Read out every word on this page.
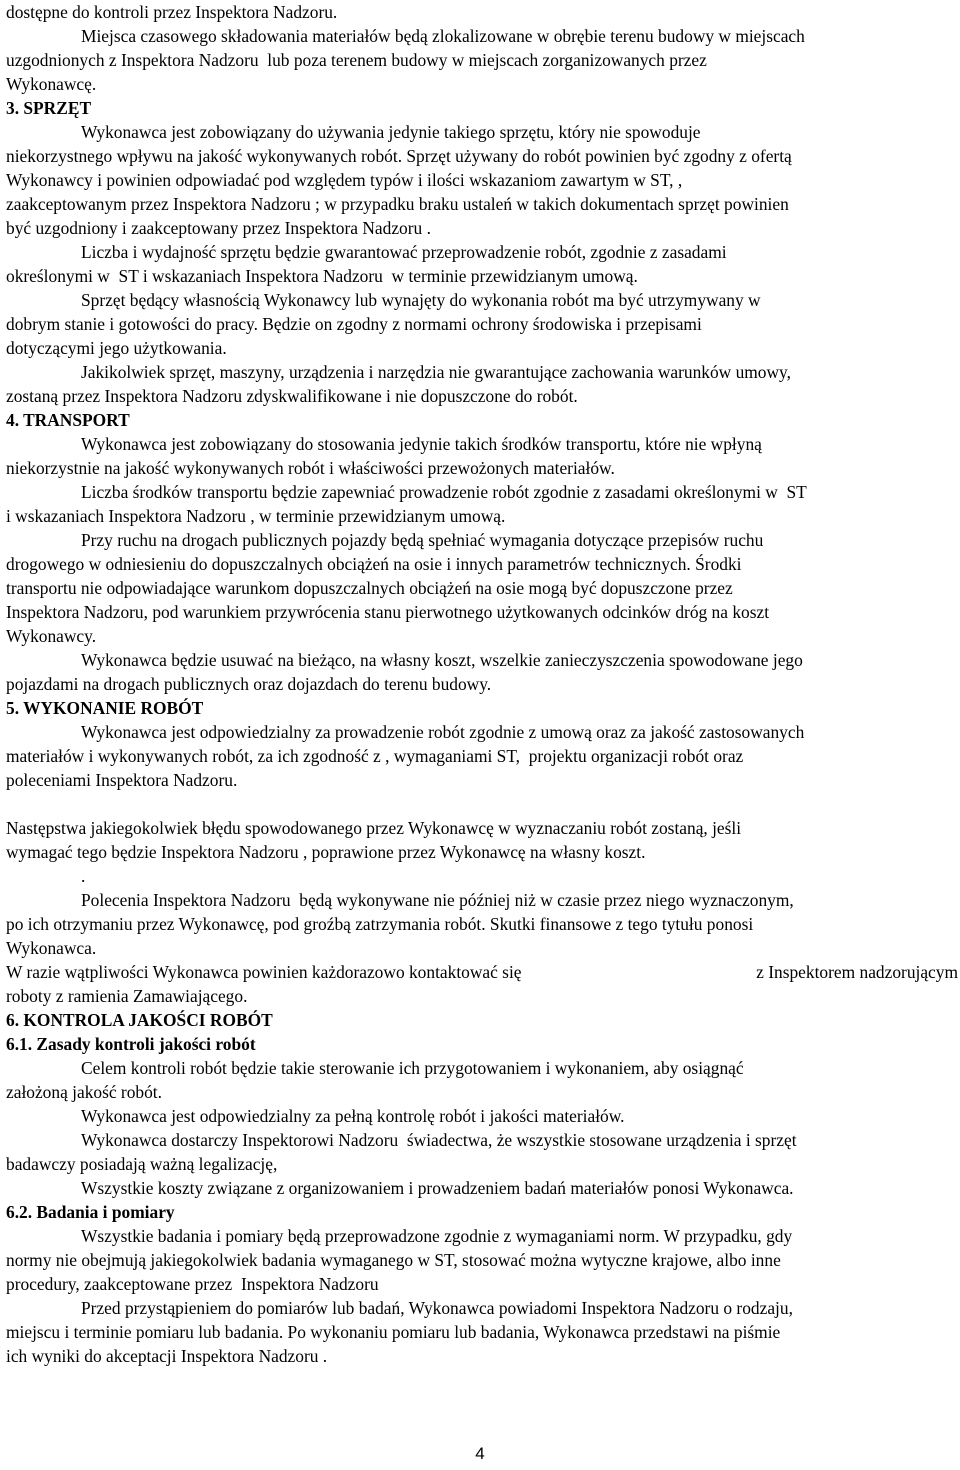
dostępne do kontroli przez Inspektora Nadzoru.
Miejsca czasowego składowania materiałów będą zlokalizowane w obrębie terenu budowy w miejscach
uzgodnionych z Inspektora Nadzoru  lub poza terenem budowy w miejscach zorganizowanych przez
Wykonawcę.
3. SPRZĘT
Wykonawca jest zobowiązany do używania jedynie takiego sprzętu, który nie spowoduje
niekorzystnego wpływu na jakość wykonywanych robót. Sprzęt używany do robót powinien być zgodny z ofertą
Wykonawcy i powinien odpowiadać pod względem typów i ilości wskazaniom zawartym w ST, ,
zaakceptowanym przez Inspektora Nadzoru ; w przypadku braku ustaleń w takich dokumentach sprzęt powinien
być uzgodniony i zaakceptowany przez Inspektora Nadzoru .
Liczba i wydajność sprzętu będzie gwarantować przeprowadzenie robót, zgodnie z zasadami
określonymi w  ST i wskazaniach Inspektora Nadzoru  w terminie przewidzianym umową.
Sprzęt będący własnością Wykonawcy lub wynajęty do wykonania robót ma być utrzymywany w
dobrym stanie i gotowości do pracy. Będzie on zgodny z normami ochrony środowiska i przepisami
dotyczącymi jego użytkowania.
Jakikolwiek sprzęt, maszyny, urządzenia i narzędzia nie gwarantujące zachowania warunków umowy,
zostaną przez Inspektora Nadzoru zdyskwalifikowane i nie dopuszczone do robót.
4. TRANSPORT
Wykonawca jest zobowiązany do stosowania jedynie takich środków transportu, które nie wpłyną
niekorzystnie na jakość wykonywanych robót i właściwości przewożonych materiałów.
Liczba środków transportu będzie zapewniać prowadzenie robót zgodnie z zasadami określonymi w  ST
i wskazaniach Inspektora Nadzoru , w terminie przewidzianym umową.
Przy ruchu na drogach publicznych pojazdy będą spełniać wymagania dotyczące przepisów ruchu
drogowego w odniesieniu do dopuszczalnych obciążeń na osie i innych parametrów technicznych. Środki
transportu nie odpowiadające warunkom dopuszczalnych obciążeń na osie mogą być dopuszczone przez
Inspektora Nadzoru, pod warunkiem przywrócenia stanu pierwotnego użytkowanych odcinków dróg na koszt
Wykonawcy.
Wykonawca będzie usuwać na bieżąco, na własny koszt, wszelkie zanieczyszczenia spowodowane jego
pojazdami na drogach publicznych oraz dojazdach do terenu budowy.
5. WYKONANIE ROBÓT
Wykonawca jest odpowiedzialny za prowadzenie robót zgodnie z umową oraz za jakość zastosowanych
materiałów i wykonywanych robót, za ich zgodność z , wymaganiami ST,  projektu organizacji robót oraz
poleceniami Inspektora Nadzoru.
Następstwa jakiegokolwiek błędu spowodowanego przez Wykonawcę w wyznaczaniu robót zostaną, jeśli
wymagać tego będzie Inspektora Nadzoru , poprawione przez Wykonawcę na własny koszt.
.
Polecenia Inspektora Nadzoru  będą wykonywane nie później niż w czasie przez niego wyznaczonym,
po ich otrzymaniu przez Wykonawcę, pod groźbą zatrzymania robót. Skutki finansowe z tego tytułu ponosi
Wykonawca.
W razie wątpliwości Wykonawca powinien każdorazowo kontaktować się	z Inspektorem nadzorującym
roboty z ramienia Zamawiającego.
6. KONTROLA JAKOŚCI ROBÓT
6.1. Zasady kontroli jakości robót
Celem kontroli robót będzie takie sterowanie ich przygotowaniem i wykonaniem, aby osiągnąć
założoną jakość robót.
Wykonawca jest odpowiedzialny za pełną kontrolę robót i jakości materiałów.
Wykonawca dostarczy Inspektorowi Nadzoru  świadectwa, że wszystkie stosowane urządzenia i sprzęt
badawczy posiadają ważną legalizację,
Wszystkie koszty związane z organizowaniem i prowadzeniem badań materiałów ponosi Wykonawca.
6.2. Badania i pomiary
Wszystkie badania i pomiary będą przeprowadzone zgodnie z wymaganiami norm. W przypadku, gdy
normy nie obejmują jakiegokolwiek badania wymaganego w ST, stosować można wytyczne krajowe, albo inne
procedury, zaakceptowane przez  Inspektora Nadzoru
Przed przystąpieniem do pomiarów lub badań, Wykonawca powiadomi Inspektora Nadzoru o rodzaju,
miejscu i terminie pomiaru lub badania. Po wykonaniu pomiaru lub badania, Wykonawca przedstawi na piśmie
ich wyniki do akceptacji Inspektora Nadzoru .
4
